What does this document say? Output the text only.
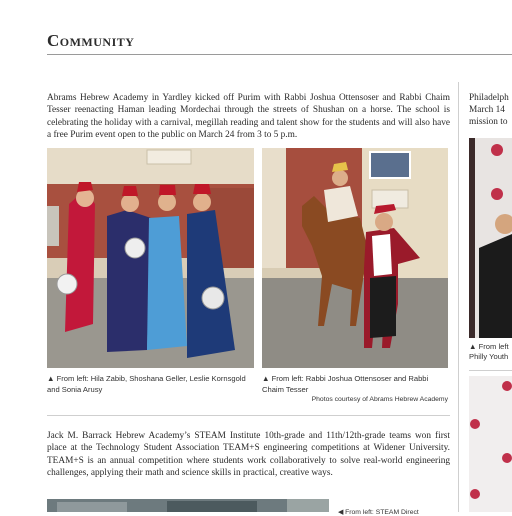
Community
Abrams Hebrew Academy in Yardley kicked off Purim with Rabbi Joshua Ottensoser and Rabbi Chaim Tesser reenacting Haman leading Mordechai through the streets of Shushan on a horse. The school is celebrating the holiday with a carnival, megillah reading and talent show for the students and will also have a free Purim event open to the public on March 24 from 3 to 5 p.m.
▲ From left: Hila Zabib, Shoshana Geller, Leslie Kornsgold and Sonia Arusy
▲ From left: Rabbi Joshua Ottensoser and Rabbi Chaim Tesser
Photos courtesy of Abrams Hebrew Academy
Jack M. Barrack Hebrew Academy’s STEAM Institute 10th-grade and 11th/12th-grade teams won first place at the Technology Student Association TEAM+S engineering competitions at Widener University. TEAM+S is an annual competition where students work collaboratively to solve real-world engineering challenges, applying their math and science skills in practical, creative ways.
◀ From left: STEAM Direct
Philadelph
March 14
mission to
▲ From left
Philly Youth
